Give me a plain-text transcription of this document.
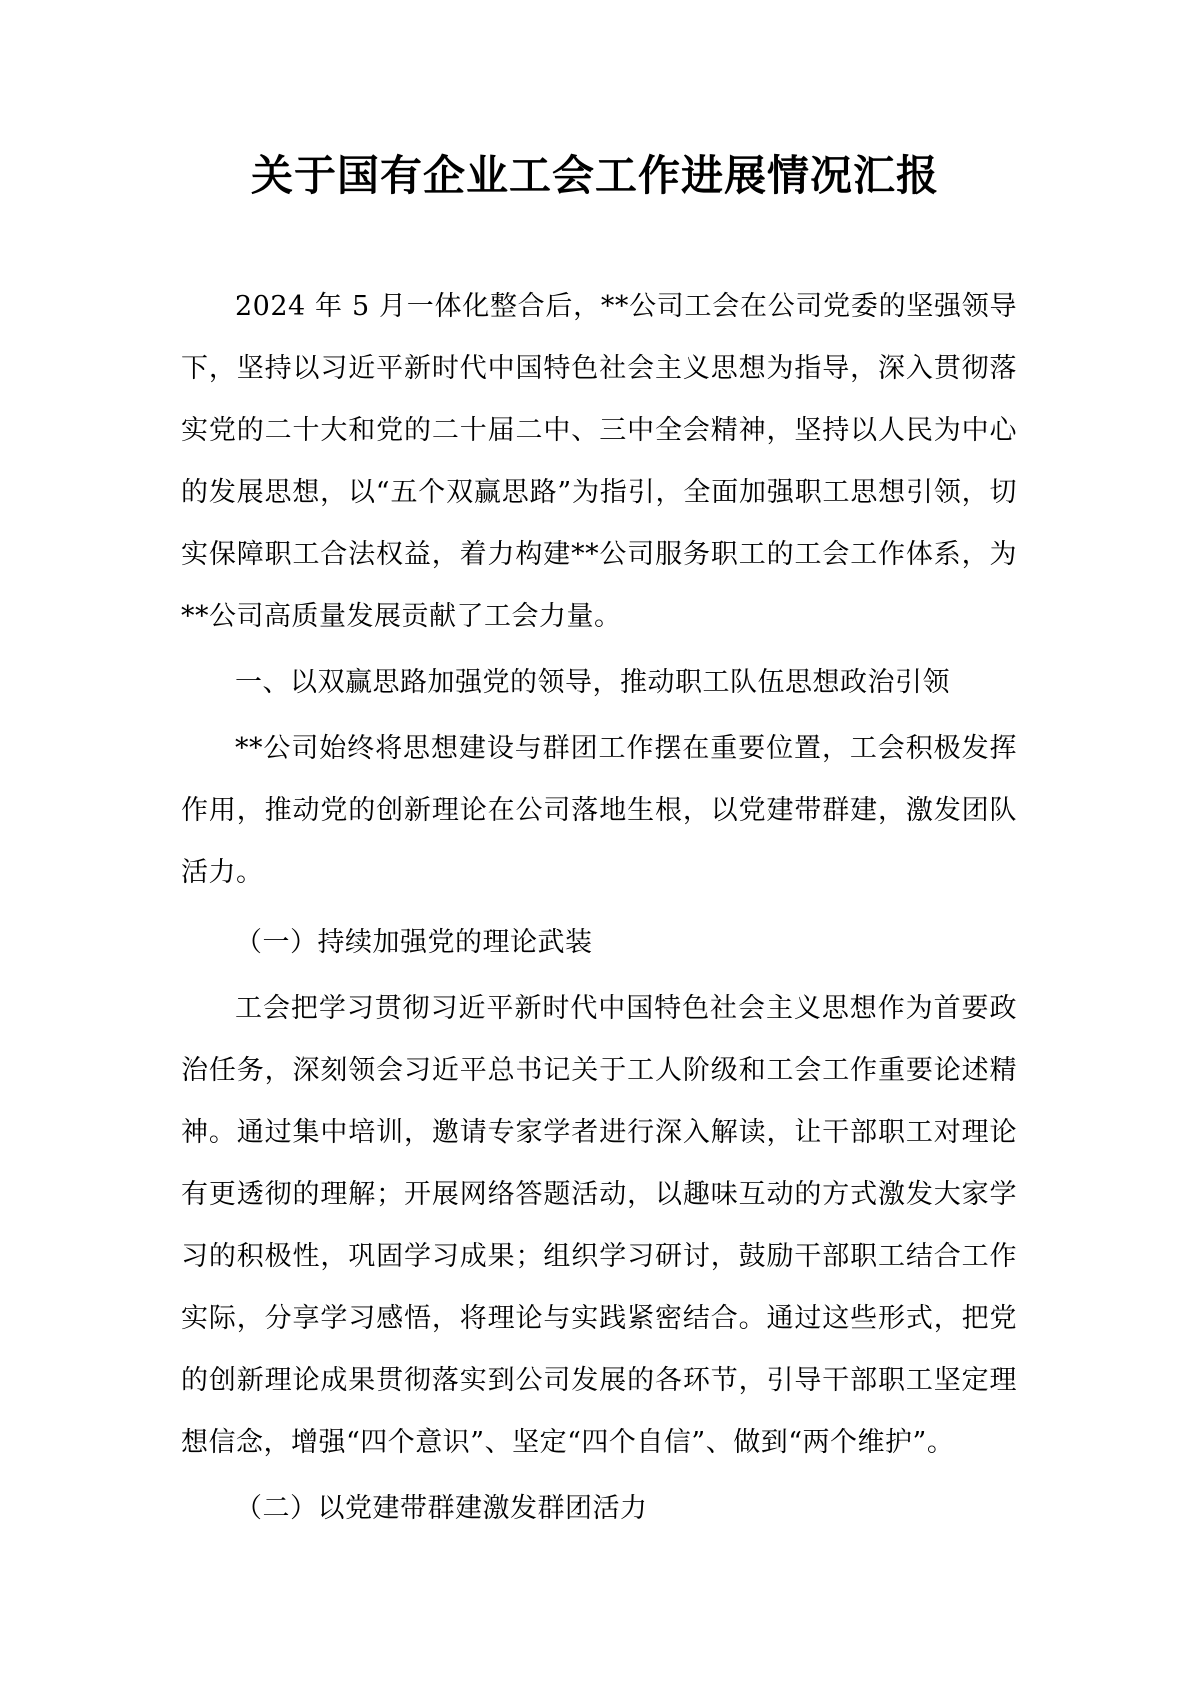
关于国有企业工会工作进展情况汇报

2024 年 5 月一体化整合后，**公司工会在公司党委的坚强领导下，坚持以习近平新时代中国特色社会主义思想为指导，深入贯彻落实党的二十大和党的二十届二中、三中全会精神，坚持以人民为中心的发展思想，以“五个双赢思路”为指引，全面加强职工思想引领，切实保障职工合法权益，着力构建**公司服务职工的工会工作体系，为**公司高质量发展贡献了工会力量。

一、以双赢思路加强党的领导，推动职工队伍思想政治引领

**公司始终将思想建设与群团工作摆在重要位置，工会积极发挥作用，推动党的创新理论在公司落地生根，以党建带群建，激发团队活力。

（一）持续加强党的理论武装

工会把学习贯彻习近平新时代中国特色社会主义思想作为首要政治任务，深刻领会习近平总书记关于工人阶级和工会工作重要论述精神。通过集中培训，邀请专家学者进行深入解读，让干部职工对理论有更透彻的理解；开展网络答题活动，以趣味互动的方式激发大家学习的积极性，巩固学习成果；组织学习研讨，鼓励干部职工结合工作实际，分享学习感悟，将理论与实践紧密结合。通过这些形式，把党的创新理论成果贯彻落实到公司发展的各环节，引导干部职工坚定理想信念，增强“四个意识”、坚定“四个自信”、做到“两个维护”。

（二）以党建带群建激发群团活力
